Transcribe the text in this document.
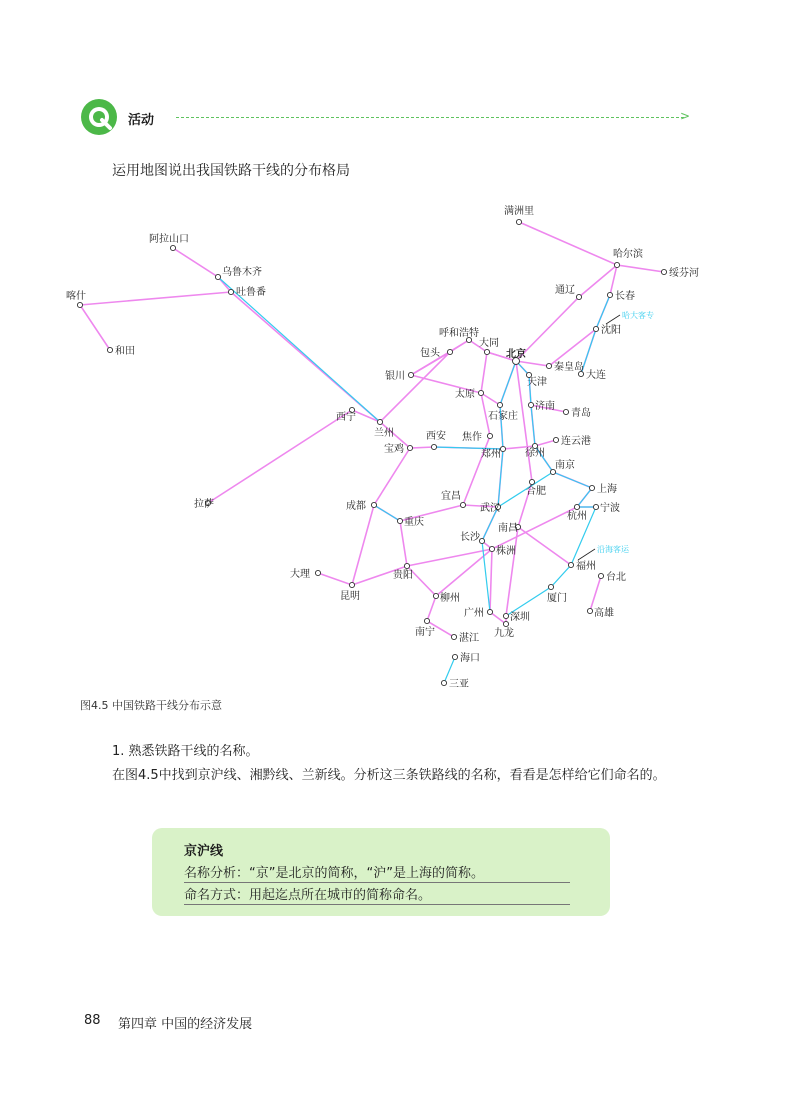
活动	>
运用地图说出我国铁路干线的分布格局
满洲里
哈尔滨
绥芬河
长春
沈阳
大连
通辽
阿拉山口
乌鲁木齐
吐鲁番
喀什
和田
呼和浩特
包头
大同
北京
秦皇岛
天津
银川
太原
石家庄
济南
青岛
西宁
兰州	西安
宝鸡
焦作
郑州 徐州
连云港
南京
上海
合肥
拉萨	成都
宜昌
武汉
杭州
宁波
重庆
南昌
长沙
株洲
大理	贵阳
福州
台北
昆明	柳州
广州	深圳
厦门
高雄
九龙
南宁
湛江
海口
三亚
哈大客专
沿海客运
图4.5 中国铁路干线分布示意
1. 熟悉铁路干线的名称。
在图4.5中找到京沪线、湘黔线、兰新线。分析这三条铁路线的名称，看看是怎样给它们命名的。
京沪线
名称分析：“京”是北京的简称，“沪”是上海的简称。
命名方式：用起迄点所在城市的简称命名。
88 第四章 中国的经济发展
